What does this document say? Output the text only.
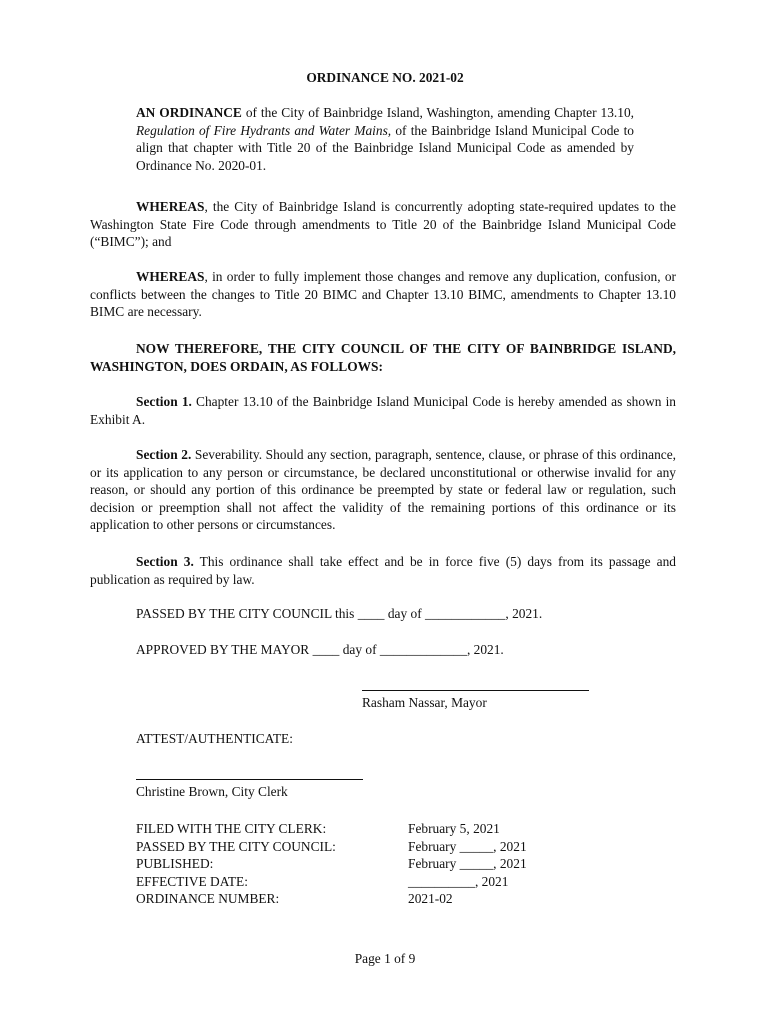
ORDINANCE NO. 2021-02

AN ORDINANCE of the City of Bainbridge Island, Washington, amending Chapter 13.10, Regulation of Fire Hydrants and Water Mains, of the Bainbridge Island Municipal Code to align that chapter with Title 20 of the Bainbridge Island Municipal Code as amended by Ordinance No. 2020-01.

WHEREAS, the City of Bainbridge Island is concurrently adopting state-required updates to the Washington State Fire Code through amendments to Title 20 of the Bainbridge Island Municipal Code (“BIMC”); and

WHEREAS, in order to fully implement those changes and remove any duplication, confusion, or conflicts between the changes to Title 20 BIMC and Chapter 13.10 BIMC, amendments to Chapter 13.10 BIMC are necessary.

NOW THEREFORE, THE CITY COUNCIL OF THE CITY OF BAINBRIDGE ISLAND, WASHINGTON, DOES ORDAIN, AS FOLLOWS:

Section 1. Chapter 13.10 of the Bainbridge Island Municipal Code is hereby amended as shown in Exhibit A.

Section 2. Severability. Should any section, paragraph, sentence, clause, or phrase of this ordinance, or its application to any person or circumstance, be declared unconstitutional or otherwise invalid for any reason, or should any portion of this ordinance be preempted by state or federal law or regulation, such decision or preemption shall not affect the validity of the remaining portions of this ordinance or its application to other persons or circumstances.

Section 3. This ordinance shall take effect and be in force five (5) days from its passage and publication as required by law.

PASSED BY THE CITY COUNCIL this ____ day of ____________, 2021.

APPROVED BY THE MAYOR ____ day of _____________, 2021.

Rasham Nassar, Mayor

ATTEST/AUTHENTICATE:

Christine Brown, City Clerk

FILED WITH THE CITY CLERK:	February 5, 2021

PASSED BY THE CITY COUNCIL:	February _____, 2021

PUBLISHED:	February _____, 2021

EFFECTIVE DATE:	__________, 2021

ORDINANCE NUMBER:	2021-02

Page 1 of 9
